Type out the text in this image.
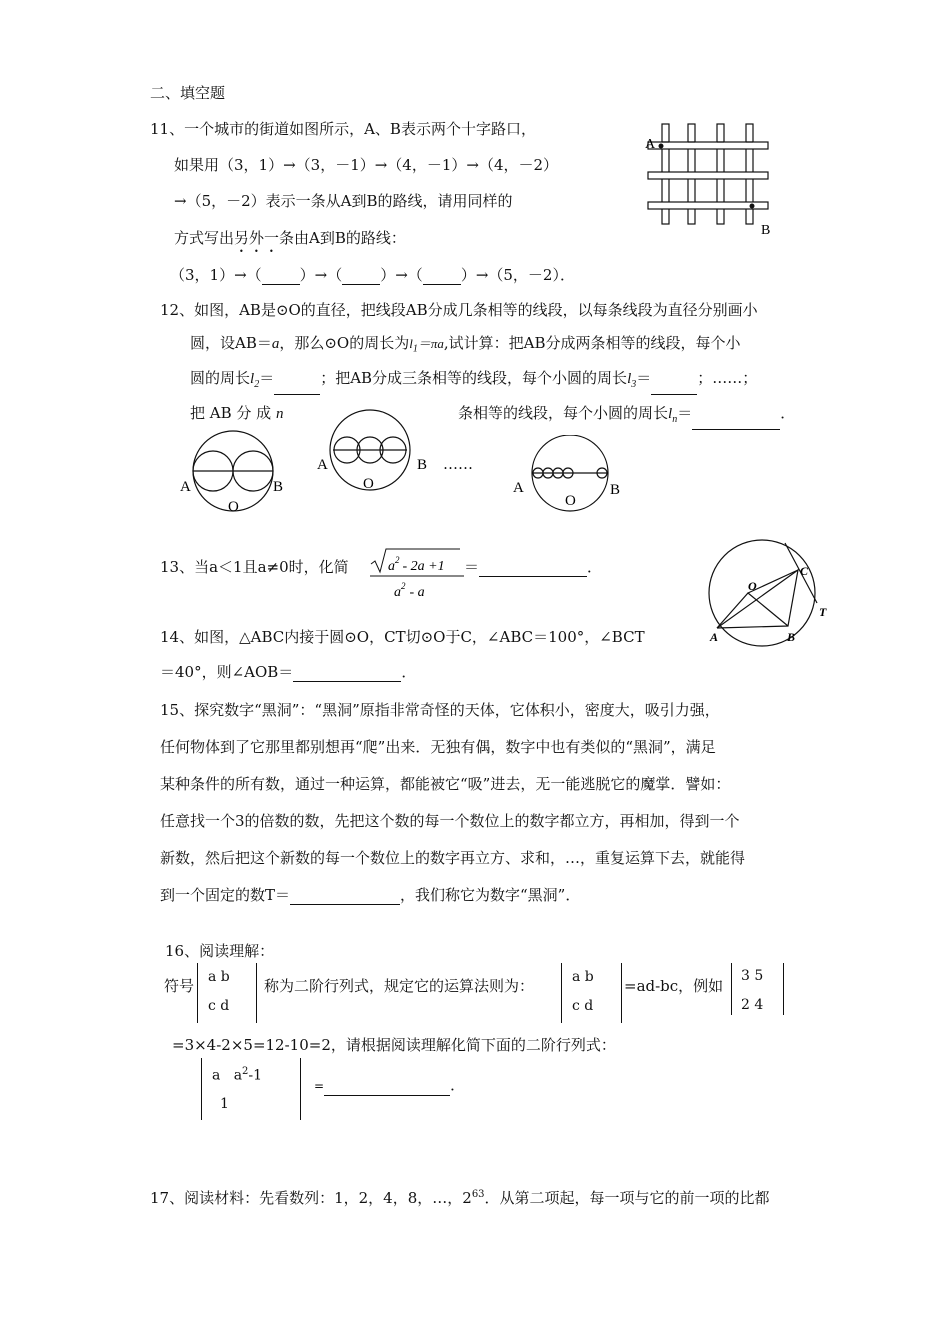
二、填空题
11、一个城市的街道如图所示，A、B表示两个十字路口，
如果用（3，1）→（3，－1）→（4，－1）→（4，－2）
→（5，－2）表示一条从A到B的路线，请用同样的
方式写出另外一条由A到B的路线：
（3，1）→（	）→（	）→（	）→（5，－2）．
A
B
12、如图，AB是⊙O的直径，把线段AB分成几条相等的线段，以每条线段为直径分别画小
圆，设AB＝a，那么⊙O的周长为$l_1=\pi a$,试计算：把AB分成两条相等的线段，每个小
圆的周长$l_2=$	；把AB分成三条相等的线段，每个小圆的周长$l_3=$	；……；
把 AB 分 成 n	条相等的线段，每个小圆的周长$l_n=$	．
A	B
O
A	B
O
……
A	B
O
13、当a＜1且a≠0时，化简	$a^2 - 2a +1$
$a^2$ - a
＝	．
O
C
T
A	B
14、如图，△ABC内接于圆⊙O，CT切⊙O于C，∠ABC＝100°，∠BCT
＝40°，则∠AOB＝	．
15、探究数字“黑洞”：“黑洞”原指非常奇怪的天体，它体积小，密度大，吸引力强，
任何物体到了它那里都别想再“爬”出来．无独有偶，数字中也有类似的“黑洞”，满足
某种条件的所有数，通过一种运算，都能被它“吸”进去，无一能逃脱它的魔掌．譬如：
任意找一个3的倍数的数，先把这个数的每一个数位上的数字都立方，再相加，得到一个
新数，然后把这个新数的每一个数位上的数字再立方、求和，…，重复运算下去，就能得
到一个固定的数T＝	，我们称它为数字“黑洞”．
16、阅读理解：
符号 a b
c d
称为二阶行列式，规定它的运算法则为：	a b
c d
=ad-bc，例如
3 5
2 4
=3×4-2×5=12-10=2，请根据阅读理解化简下面的二阶行列式：
a   $a^2-1$
1
=	．
17、阅读材料：先看数列：1，2，4，8，…，$2^{63}$．从第二项起，每一项与它的前一项的比都
